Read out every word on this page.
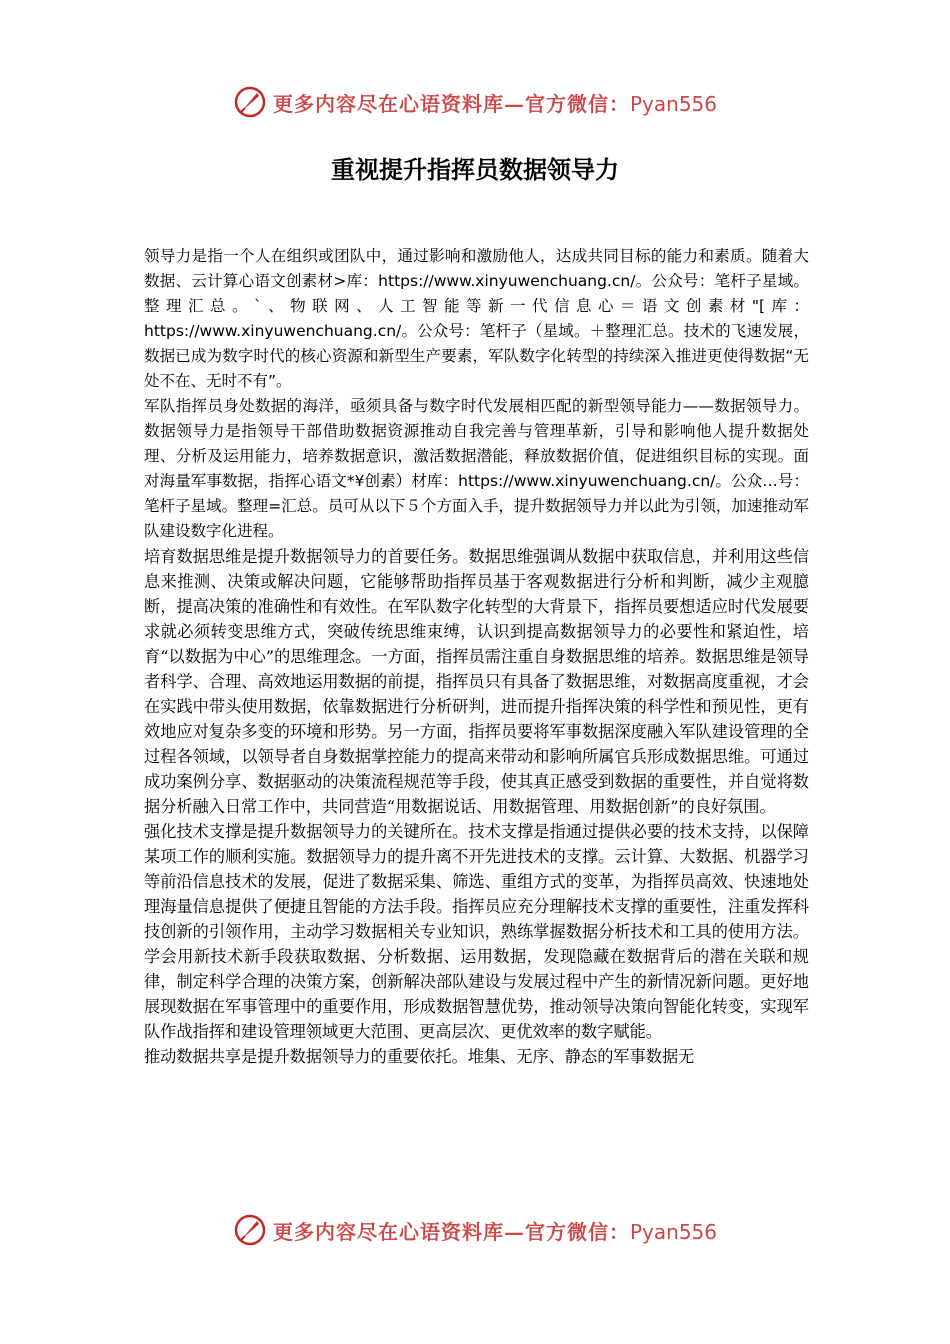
更多内容尽在心语资料库—官方微信：Pyan556
重视提升指挥员数据领导力

领导力是指一个人在组织或团队中，通过影响和激励他人，达成共同目标的能力和素质。随着大数据、云计算心语文创素材>库：https://www.xinyuwenchuang.cn/。公众号：笔杆子星域。整理汇总。`、物联网、人工智能等新一代信息心＝语文创素材"[库：https://www.xinyuwenchuang.cn/。公众号：笔杆子（星域。＋整理汇总。技术的飞速发展，数据已成为数字时代的核心资源和新型生产要素，军队数字化转型的持续深入推进更使得数据“无处不在、无时不有”。

军队指挥员身处数据的海洋，亟须具备与数字时代发展相匹配的新型领导能力——数据领导力。数据领导力是指领导干部借助数据资源推动自我完善与管理革新，引导和影响他人提升数据处理、分析及运用能力，培养数据意识，激活数据潜能，释放数据价值，促进组织目标的实现。面对海量军事数据，指挥心语文*¥创素）材库：https://www.xinyuwenchuang.cn/。公众…号：笔杆子星域。整理=汇总。员可从以下５个方面入手，提升数据领导力并以此为引领，加速推动军队建设数字化进程。

培育数据思维是提升数据领导力的首要任务。数据思维强调从数据中获取信息，并利用这些信息来推测、决策或解决问题，它能够帮助指挥员基于客观数据进行分析和判断，减少主观臆断，提高决策的准确性和有效性。在军队数字化转型的大背景下，指挥员要想适应时代发展要求就必须转变思维方式，突破传统思维束缚，认识到提高数据领导力的必要性和紧迫性，培育“以数据为中心”的思维理念。一方面，指挥员需注重自身数据思维的培养。数据思维是领导者科学、合理、高效地运用数据的前提，指挥员只有具备了数据思维，对数据高度重视，才会在实践中带头使用数据，依靠数据进行分析研判，进而提升指挥决策的科学性和预见性，更有效地应对复杂多变的环境和形势。另一方面，指挥员要将军事数据深度融入军队建设管理的全过程各领域，以领导者自身数据掌控能力的提高来带动和影响所属官兵形成数据思维。可通过成功案例分享、数据驱动的决策流程规范等手段，使其真正感受到数据的重要性，并自觉将数据分析融入日常工作中，共同营造“用数据说话、用数据管理、用数据创新”的良好氛围。

强化技术支撑是提升数据领导力的关键所在。技术支撑是指通过提供必要的技术支持，以保障某项工作的顺利实施。数据领导力的提升离不开先进技术的支撑。云计算、大数据、机器学习等前沿信息技术的发展，促进了数据采集、筛选、重组方式的变革，为指挥员高效、快速地处理海量信息提供了便捷且智能的方法手段。指挥员应充分理解技术支撑的重要性，注重发挥科技创新的引领作用，主动学习数据相关专业知识，熟练掌握数据分析技术和工具的使用方法。学会用新技术新手段获取数据、分析数据、运用数据，发现隐藏在数据背后的潜在关联和规律，制定科学合理的决策方案，创新解决部队建设与发展过程中产生的新情况新问题。更好地展现数据在军事管理中的重要作用，形成数据智慧优势，推动领导决策向智能化转变，实现军队作战指挥和建设管理领域更大范围、更高层次、更优效率的数字赋能。

推动数据共享是提升数据领导力的重要依托。堆集、无序、静态的军事数据无

更多内容尽在心语资料库—官方微信：Pyan556
